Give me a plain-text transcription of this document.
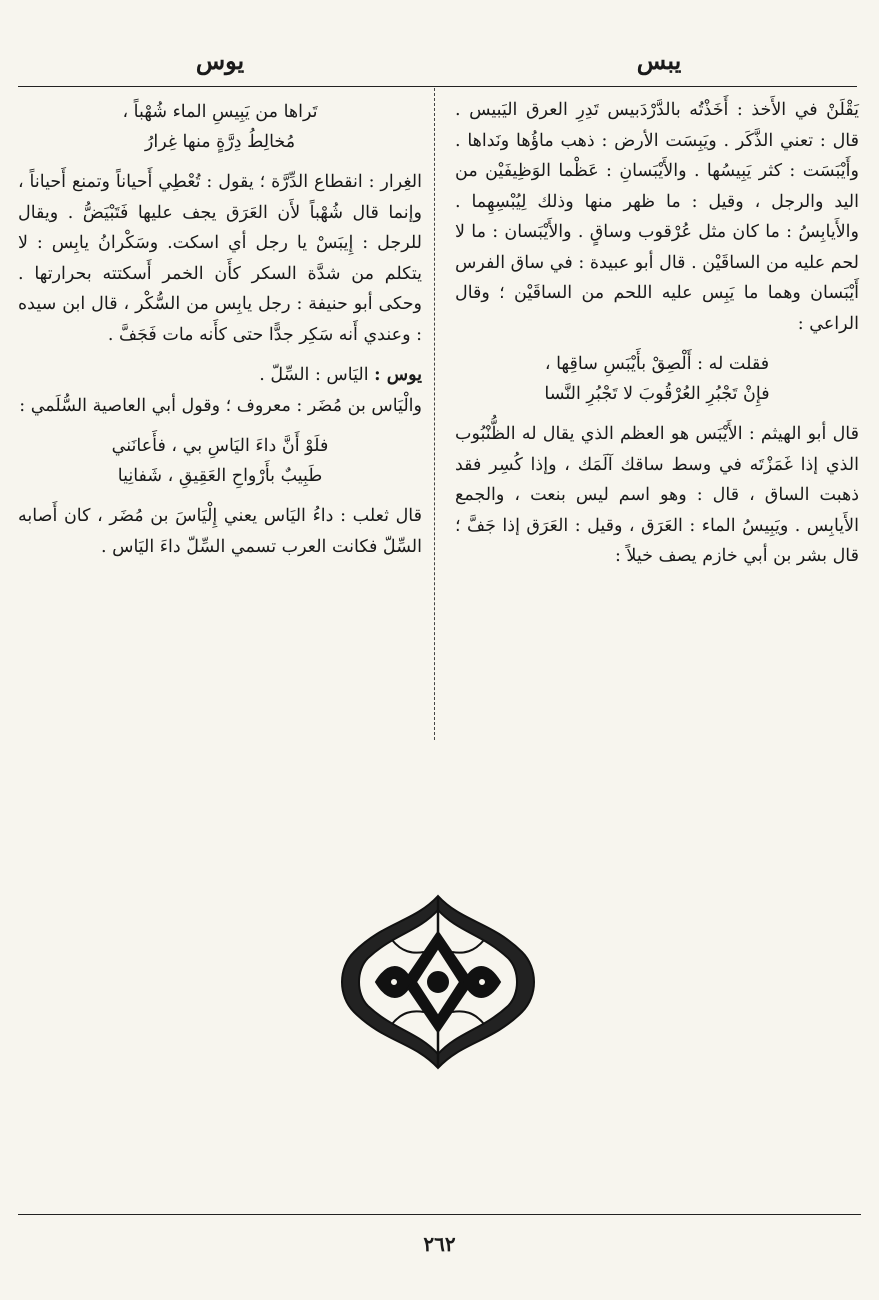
يبس
يوس

يَقْلَنْ في الأَخذ : أَخَذْتُه بالدَّرْدَبيس تَدِرِ العرق اليَبيس . قال : تعني الذَّكَر . ويَبِسَت الأرض : ذهب ماؤُها ونَداها . وأَيْبَسَت : كثر يَبِيسُها . والأَيْبَسانِ : عَظْما الوَظِيفَيْن من اليد والرجل ، وقيل : ما ظهر منها وذلك لِيُبْسِهِما . والأَيابِسُ : ما كان مثل عُرْقوب وساقٍ . والأَيْبَسان : ما لا لحم عليه من الساقَيْن . قال أبو عبيدة : في ساق الفرس أَيْبَسان وهما ما يَبِس عليه اللحم من الساقَيْن ؛ وقال الراعي :

فقلت له : أَلْصِقْ بأَيْبَسِ ساقِها ،
فإِنْ تَجْبُرِ العُرْقُوبَ لا تَجْبُرِ النَّسا

قال أبو الهيثم : الأَيْبَس هو العظم الذي يقال له الظُّنْبُوب الذي إذا غَمَزْتَه في وسط ساقك آلَمَك ، وإذا كُسِر فقد ذهبت الساق ، قال : وهو اسم ليس بنعت ، والجمع الأَيابِس . ويَبِيسُ الماء : العَرَق ، وقيل : العَرَق إذا جَفَّ ؛ قال بشر بن أبي خازم يصف خيلاً :

تَراها من يَبِيسِ الماء شُهْباً ،
مُخالِطُ دِرَّةٍ منها غِرارُ

الغِرار : انقطاع الدِّرَّة ؛ يقول : تُعْطِي أَحياناً وتمنع أَحياناً ، وإنما قال شُهْباً لأَن العَرَق يجف عليها فَتَبْيَضُّ . ويقال للرجل : إِيبَسْ يا رجل أي اسكت. وسَكْرانُ يابِس : لا يتكلم من شدَّة السكر كأَن الخمر أَسكتته بحرارتها . وحكى أبو حنيفة : رجل يابِس من السُّكْر ، قال ابن سيده : وعندي أَنه سَكِر جدًّا حتى كأَنه مات فَجَفَّ .

يوس : اليَاس : السِّلّ .

والْيَاس بن مُضَر : معروف ؛ وقول أبي العاصية السُّلَمي :

فلَوْ أَنَّ داءَ اليَاسِ بي ، فأَعانَني
طَبِيبٌ بأَرْواحِ العَقِيقِ ، شَفانِيا

قال ثعلب : داءُ اليَاس يعني إِلْيَاسَ بن مُضَر ، كان أَصابه السِّلّ فكانت العرب تسمي السِّلّ داءَ اليَاس .

٢٦٢
